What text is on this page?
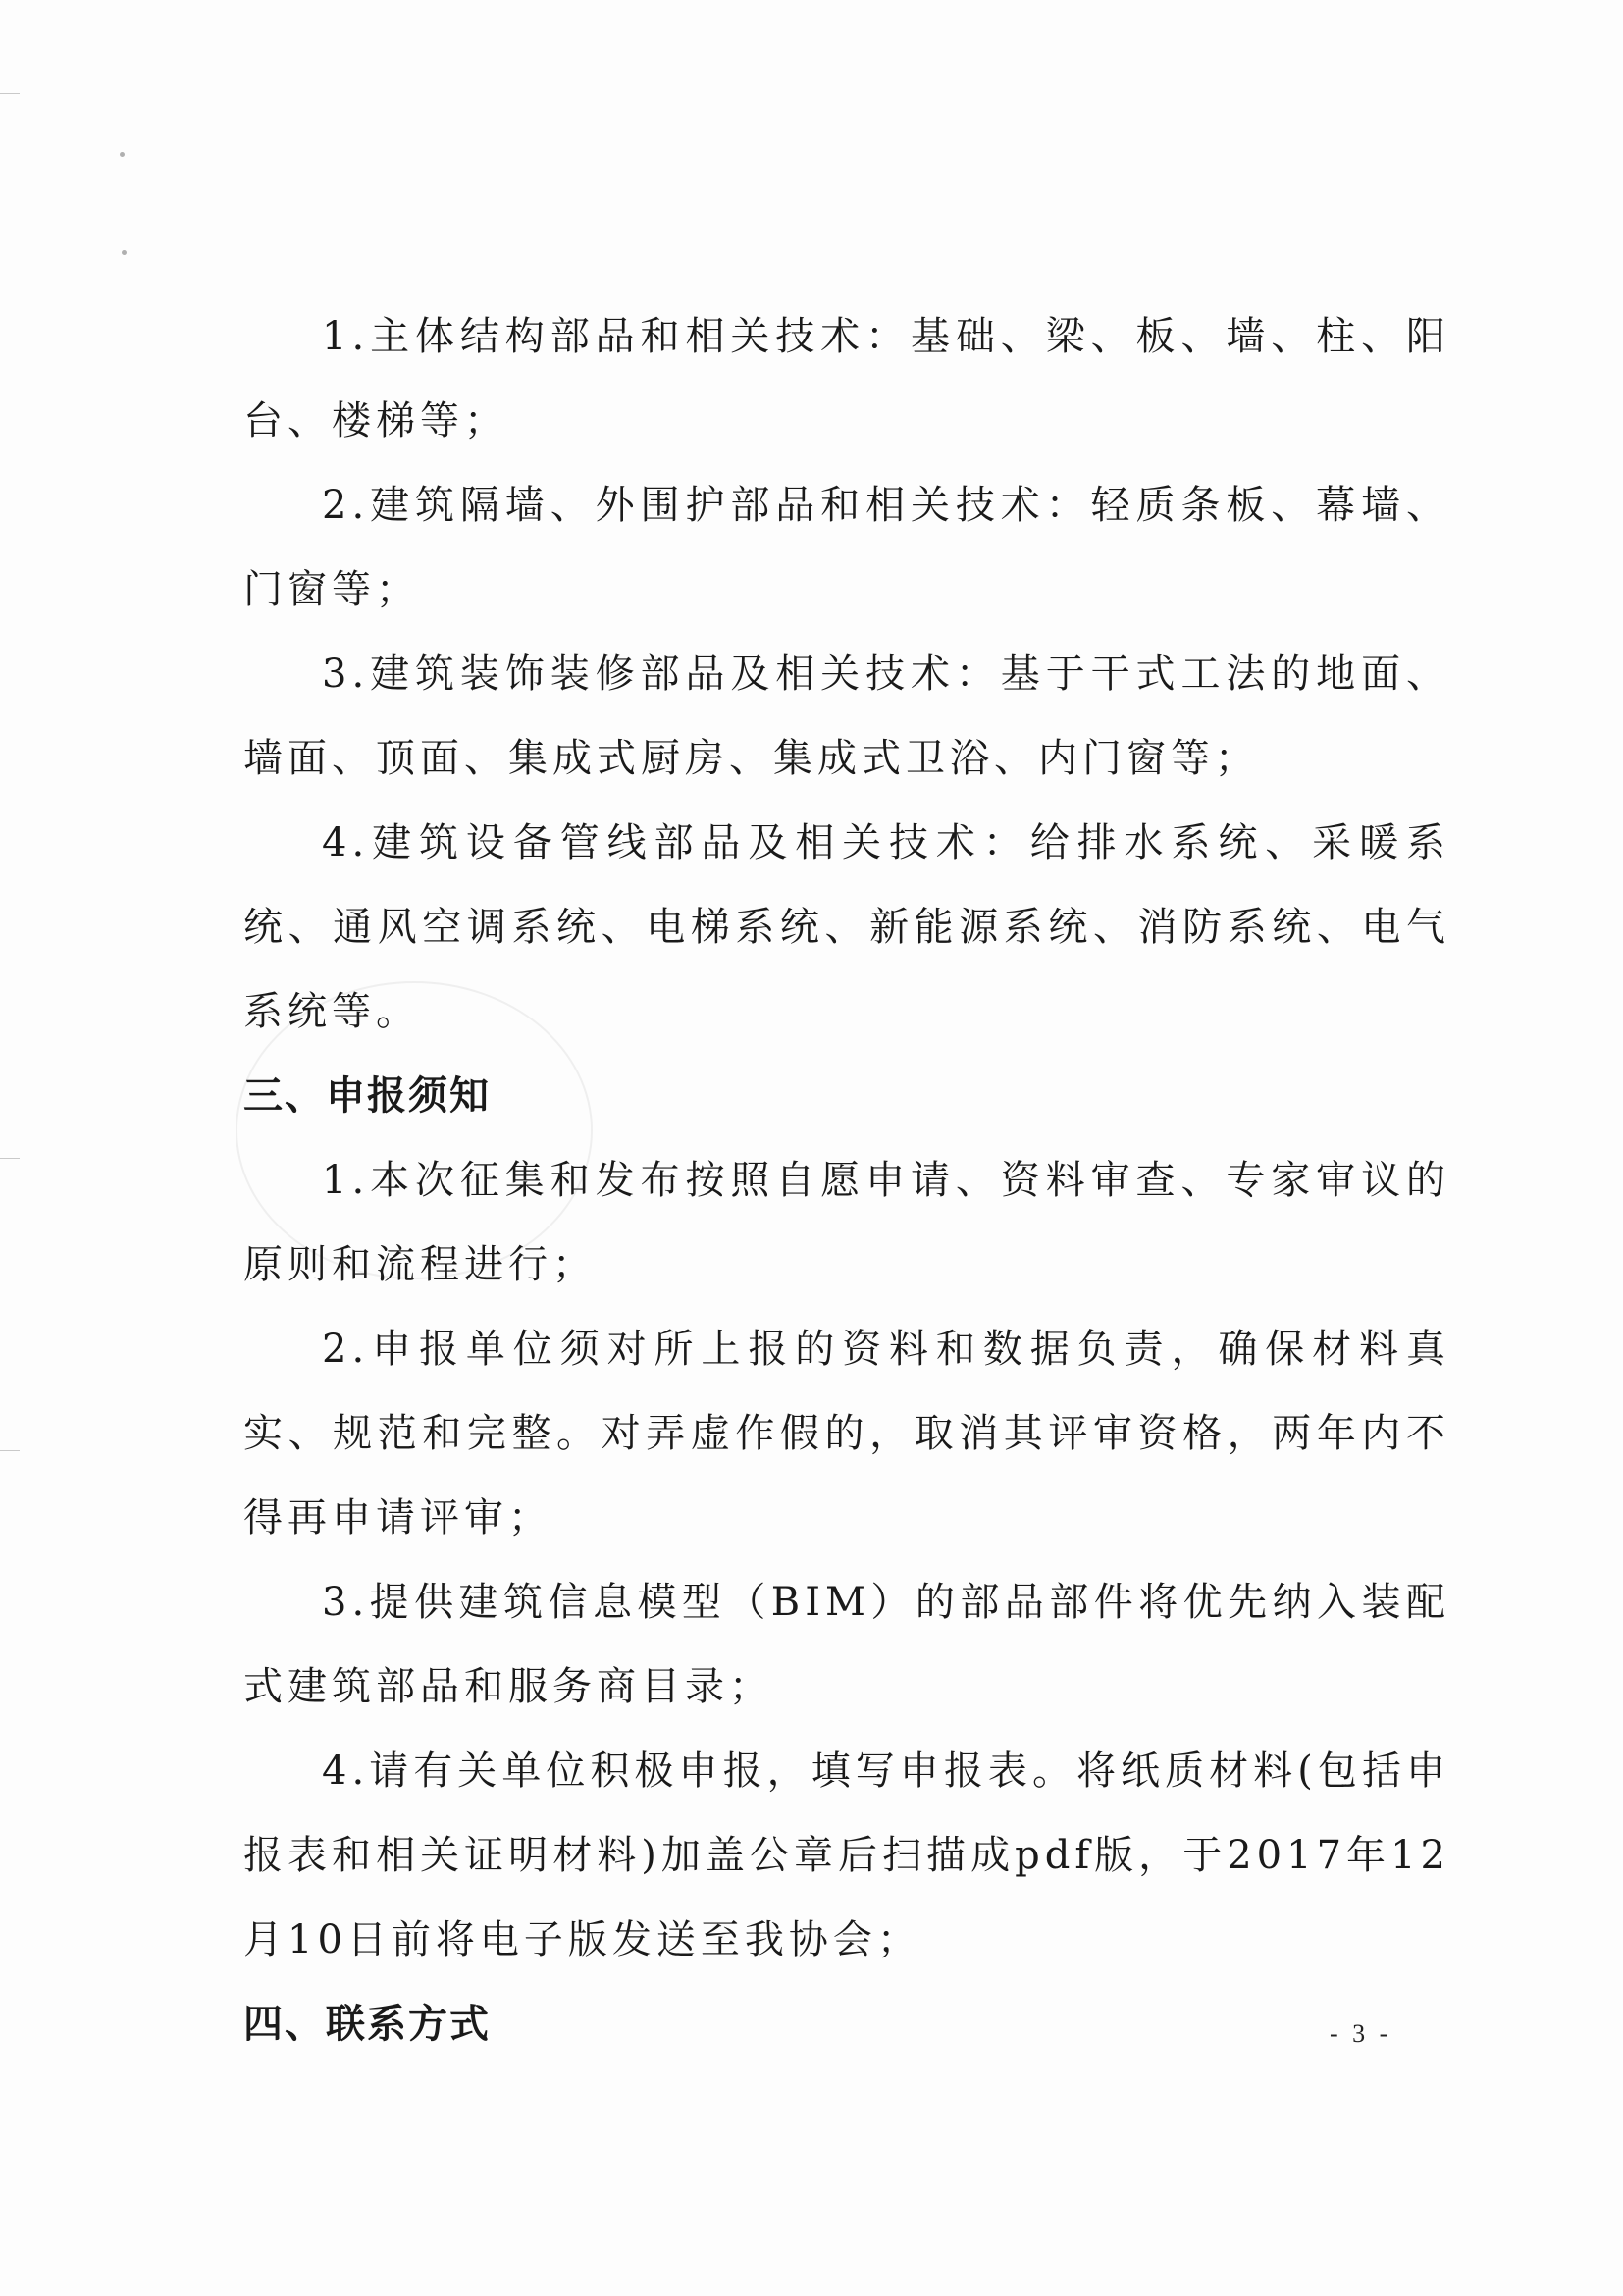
1.主体结构部品和相关技术：基础、梁、板、墙、柱、阳台、楼梯等；

2.建筑隔墙、外围护部品和相关技术：轻质条板、幕墙、门窗等；

3.建筑装饰装修部品及相关技术：基于干式工法的地面、墙面、顶面、集成式厨房、集成式卫浴、内门窗等；

4.建筑设备管线部品及相关技术：给排水系统、采暖系统、通风空调系统、电梯系统、新能源系统、消防系统、电气系统等。

三、申报须知

1.本次征集和发布按照自愿申请、资料审查、专家审议的原则和流程进行；

2.申报单位须对所上报的资料和数据负责，确保材料真实、规范和完整。对弄虚作假的，取消其评审资格，两年内不得再申请评审；

3.提供建筑信息模型（BIM）的部品部件将优先纳入装配式建筑部品和服务商目录；

4.请有关单位积极申报，填写申报表。将纸质材料(包括申报表和相关证明材料)加盖公章后扫描成pdf版，于2017年12月10日前将电子版发送至我协会；

四、联系方式	- 3 -
